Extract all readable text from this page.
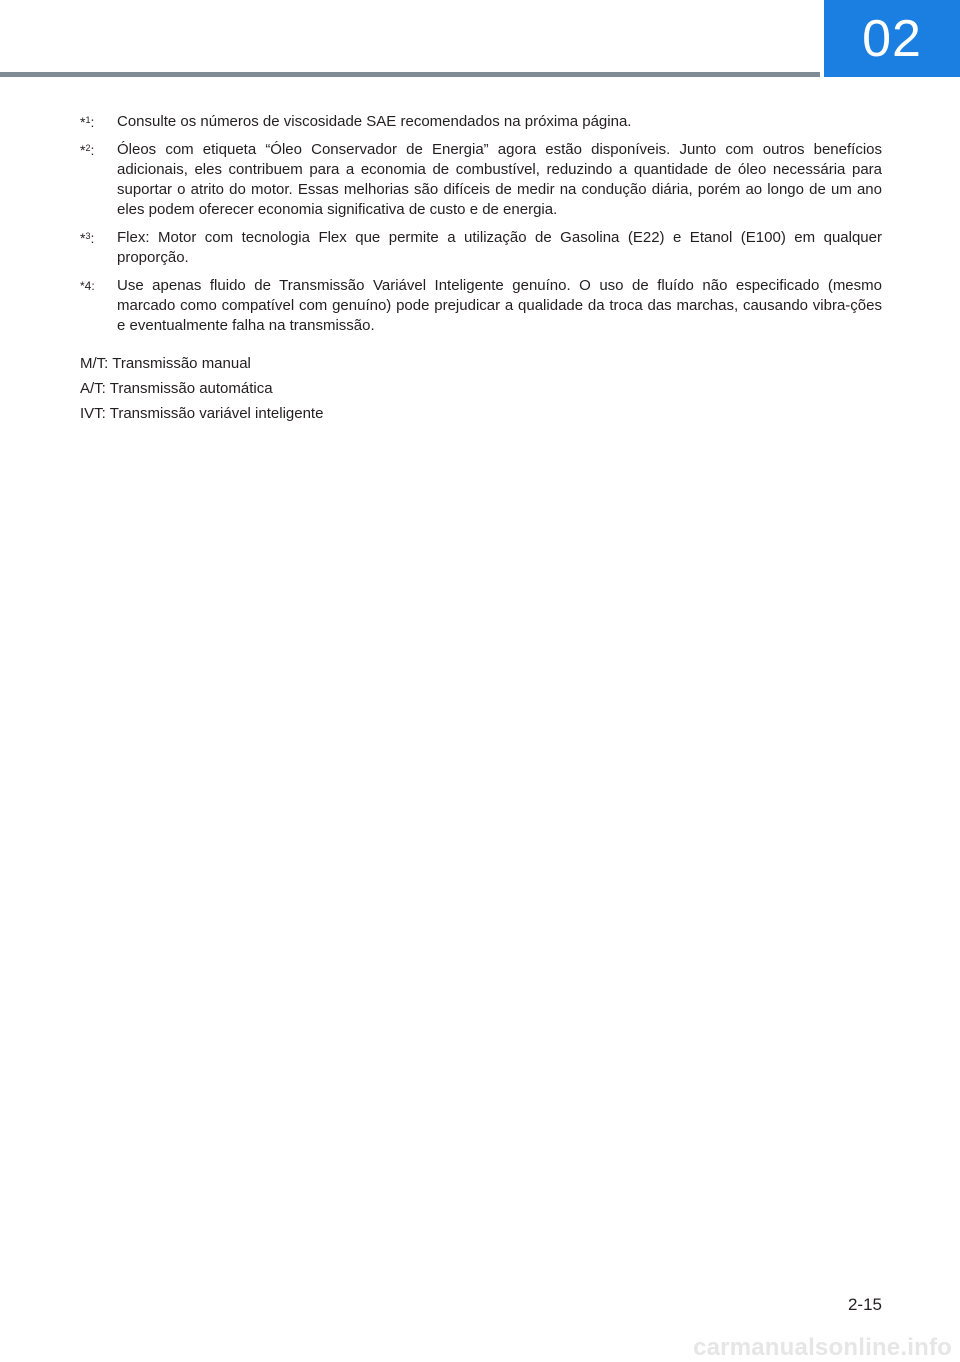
02
*$^1$: Consulte os números de viscosidade SAE recomendados na próxima página.
*$^2$: Óleos com etiqueta “Óleo Conservador de Energia” agora estão disponíveis. Junto com outros benefícios adicionais, eles contribuem para a economia de combustível, reduzindo a quantidade de óleo necessária para suportar o atrito do motor. Essas melhorias são difíceis de medir na condução diária, porém ao longo de um ano eles podem oferecer economia significativa de custo e de energia.
*$^3$: Flex: Motor com tecnologia Flex que permite a utilização de Gasolina (E22) e Etanol (E100) em qualquer proporção.
*4: Use apenas fluido de Transmissão Variável Inteligente genuíno. O uso de fluído não especificado (mesmo marcado como compatível com genuíno) pode prejudicar a qualidade da troca das marchas, causando vibra-ções e eventualmente falha na transmissão.
M/T: Transmissão manual
A/T: Transmissão automática
IVT: Transmissão variável inteligente
2-15
carmanualsonline.info
